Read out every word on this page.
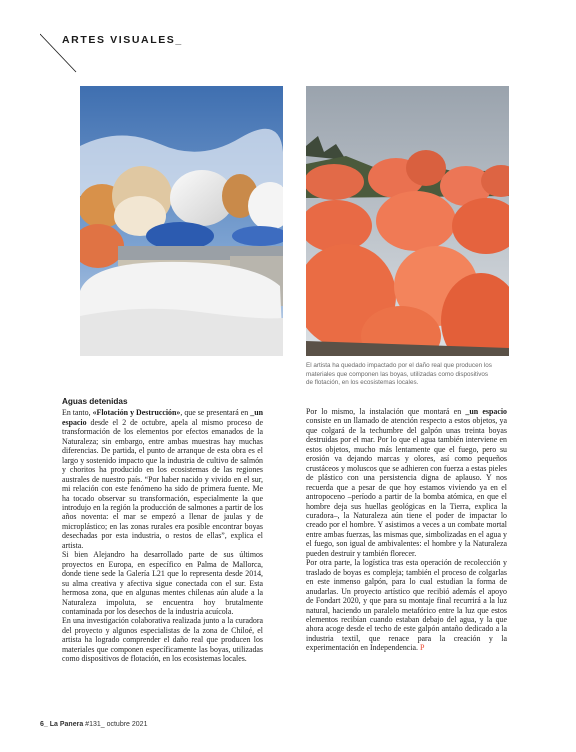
ARTES VISUALES_
El artista ha quedado impactado por el daño real que producen los materiales que componen las boyas, utilizadas como dispositivos de flotación, en los ecosistemas locales.
Aguas detenidas

En tanto, «Flotación y Destrucción», que se presentará en _un espacio desde el 2 de octubre, apela al mismo proceso de transformación de los elementos por efectos emanados de la Naturaleza; sin embargo, entre ambas muestras hay muchas diferencias. De partida, el punto de arranque de esta obra es el largo y sostenido impacto que la industria de cultivo de salmón y choritos ha producido en los ecosistemas de las regiones australes de nuestro país. “Por haber nacido y vivido en el sur, mi relación con este fenómeno ha sido de primera fuente. Me ha tocado observar su transformación, especialmente la que introdujo en la región la producción de salmones a partir de los años noventa: el mar se empezó a llenar de jaulas y de microplástico; en las zonas rurales era posible encontrar boyas desechadas por esta industria, o restos de ellas”, explica el artista.

Si bien Alejandro ha desarrollado parte de sus últimos proyectos en Europa, en específico en Palma de Mallorca, donde tiene sede la Galería L21 que lo representa desde 2014, su alma creativa y afectiva sigue conectada con el sur. Esta hermosa zona, que en algunas mentes chilenas aún alude a la Naturaleza impoluta, se encuentra hoy brutalmente contaminada por los desechos de la industria acuícola.

En una investigación colaborativa realizada junto a la curadora del proyecto y algunos especialistas de la zona de Chiloé, el artista ha logrado comprender el daño real que producen los materiales que componen específicamente las boyas, utilizadas como dispositivos de flotación, en los ecosistemas locales.

Por lo mismo, la instalación que montará en _un espacio consiste en un llamado de atención respecto a estos objetos, ya que colgará de la techumbre del galpón unas treinta boyas destruidas por el mar. Por lo que el agua también interviene en estos objetos, mucho más lentamente que el fuego, pero su erosión va dejando marcas y olores, así como pequeños crustáceos y moluscos que se adhieren con fuerza a estas pieles de plástico con una persistencia digna de aplauso. Y nos recuerda que a pesar de que hoy estamos viviendo ya en el antropoceno –período a partir de la bomba atómica, en que el hombre deja sus huellas geológicas en la Tierra, explica la curadora–, la Naturaleza aún tiene el poder de impactar lo creado por el hombre. Y asistimos a veces a un combate mortal entre ambas fuerzas, las mismas que, simbolizadas en el agua y el fuego, son igual de ambivalentes: el hombre y la Naturaleza pueden destruir y también florecer.

Por otra parte, la logística tras esta operación de recolección y traslado de boyas es compleja; también el proceso de colgarlas en este inmenso galpón, para lo cual estudian la forma de anudarlas. Un proyecto artístico que recibió además el apoyo de Fondart 2020, y que para su montaje final recurrirá a la luz natural, haciendo un paralelo metafórico entre la luz que estos elementos recibían cuando estaban debajo del agua, y la que ahora acoge desde el techo de este galpón antaño dedicado a la industria textil, que renace para la creación y la experimentación en Independencia. P

6_ La Panera #131_ octubre 2021
